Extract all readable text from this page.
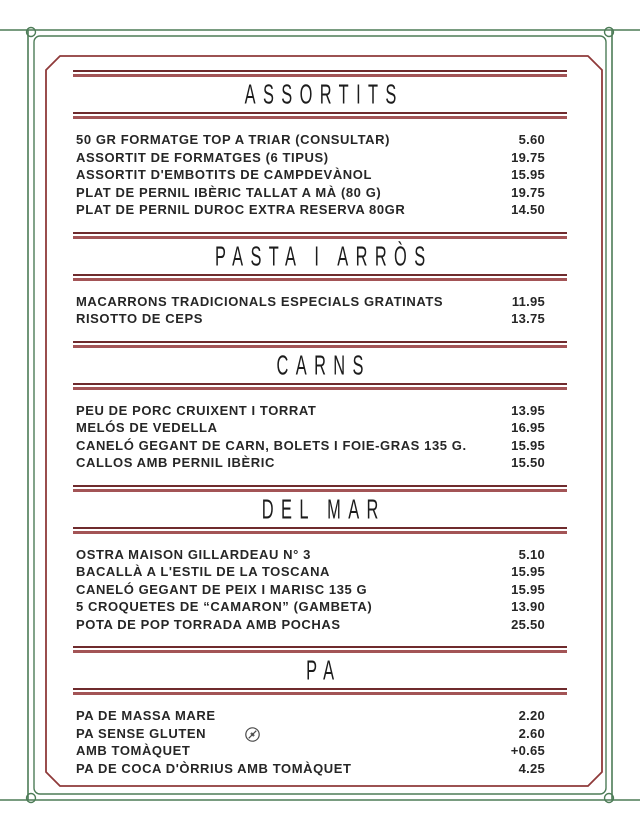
ASSORTITS
50 GR FORMATGE TOP A TRIAR (CONSULTAR)	5.60
ASSORTIT DE FORMATGES (6 TIPUS)	19.75
ASSORTIT D'EMBOTITS DE CAMPDEVÀNOL	15.95
PLAT DE PERNIL IBÈRIC TALLAT A MÀ (80 G)	19.75
PLAT DE PERNIL DUROC EXTRA RESERVA 80GR	14.50
PASTA I ARRÒS
MACARRONS TRADICIONALS ESPECIALS GRATINATS	11.95
RISOTTO DE CEPS	13.75
CARNS
PEU DE PORC CRUIXENT I TORRAT	13.95
MELÓS DE VEDELLA	16.95
CANELÓ GEGANT DE CARN, BOLETS I FOIE-GRAS 135 G.	15.95
CALLOS AMB PERNIL IBÈRIC	15.50
DEL MAR
OSTRA MAISON GILLARDEAU N° 3	5.10
BACALLÀ A L'ESTIL DE LA TOSCANA	15.95
CANELÓ GEGANT DE PEIX I MARISC 135 G	15.95
5 CROQUETES DE “CAMARON” (GAMBETA)	13.90
POTA DE POP TORRADA AMB POCHAS	25.50
PA
PA DE MASSA MARE	2.20
PA SENSE GLUTEN	2.60
AMB TOMÀQUET	+0.65
PA DE COCA D'ÒRRIUS AMB TOMÀQUET	4.25
